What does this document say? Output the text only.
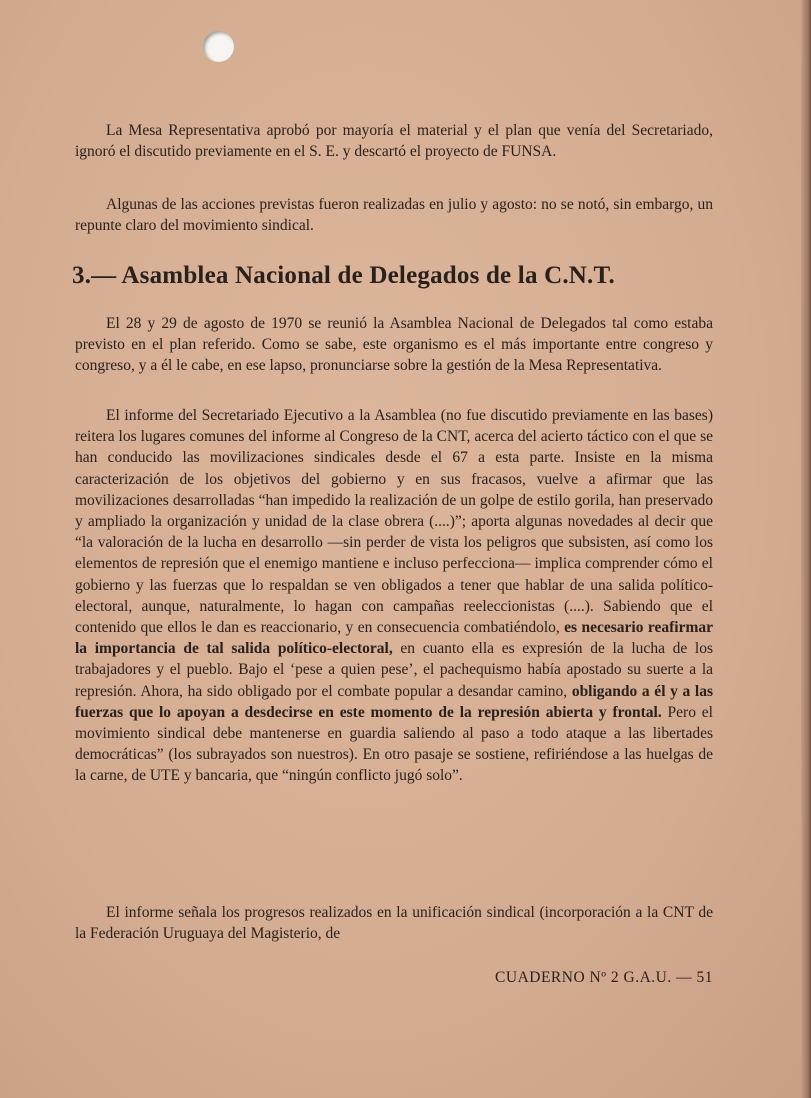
La Mesa Representativa aprobó por mayoría el material y el plan que venía del Secretariado, ignoró el discutido previamente en el S. E. y descartó el proyecto de FUNSA.

Algunas de las acciones previstas fueron realizadas en julio y agosto: no se notó, sin embargo, un repunte claro del movimiento sindical.

3.— Asamblea Nacional de Delegados de la C.N.T.

El 28 y 29 de agosto de 1970 se reunió la Asamblea Nacional de Delegados tal como estaba previsto en el plan referido. Como se sabe, este organismo es el más importante entre congreso y congreso, y a él le cabe, en ese lapso, pronunciarse sobre la gestión de la Mesa Representativa.

El informe del Secretariado Ejecutivo a la Asamblea (no fue discutido previamente en las bases) reitera los lugares comunes del informe al Congreso de la CNT, acerca del acierto táctico con el que se han conducido las movilizaciones sindicales desde el 67 a esta parte. Insiste en la misma caracterización de los objetivos del gobierno y en sus fracasos, vuelve a afirmar que las movilizaciones desarrolladas “han impedido la realización de un golpe de estilo gorila, han preservado y ampliado la organización y unidad de la clase obrera (....)”; aporta algunas novedades al decir que “la valoración de la lucha en desarrollo —sin perder de vista los peligros que subsisten, así como los elementos de represión que el enemigo mantiene e incluso perfecciona— implica comprender cómo el gobierno y las fuerzas que lo respaldan se ven obligados a tener que hablar de una salida político-electoral, aunque, naturalmente, lo hagan con campañas reeleccionistas (....). Sabiendo que el contenido que ellos le dan es reaccionario, y en consecuencia combatiéndolo, es necesario reafirmar la importancia de tal salida político-electoral, en cuanto ella es expresión de la lucha de los trabajadores y el pueblo. Bajo el ‘pese a quien pese’, el pachequismo había apostado su suerte a la represión. Ahora, ha sido obligado por el combate popular a desandar camino, obligando a él y a las fuerzas que lo apoyan a desdecirse en este momento de la represión abierta y frontal. Pero el movimiento sindical debe mantenerse en guardia saliendo al paso a todo ataque a las libertades democráticas” (los subrayados son nuestros). En otro pasaje se sostiene, refiriéndose a las huelgas de la carne, de UTE y bancaria, que “ningún conflicto jugó solo”.

El informe señala los progresos realizados en la unificación sindical (incorporación a la CNT de la Federación Uruguaya del Magisterio, de

CUADERNO Nº 2 G.A.U. — 51
